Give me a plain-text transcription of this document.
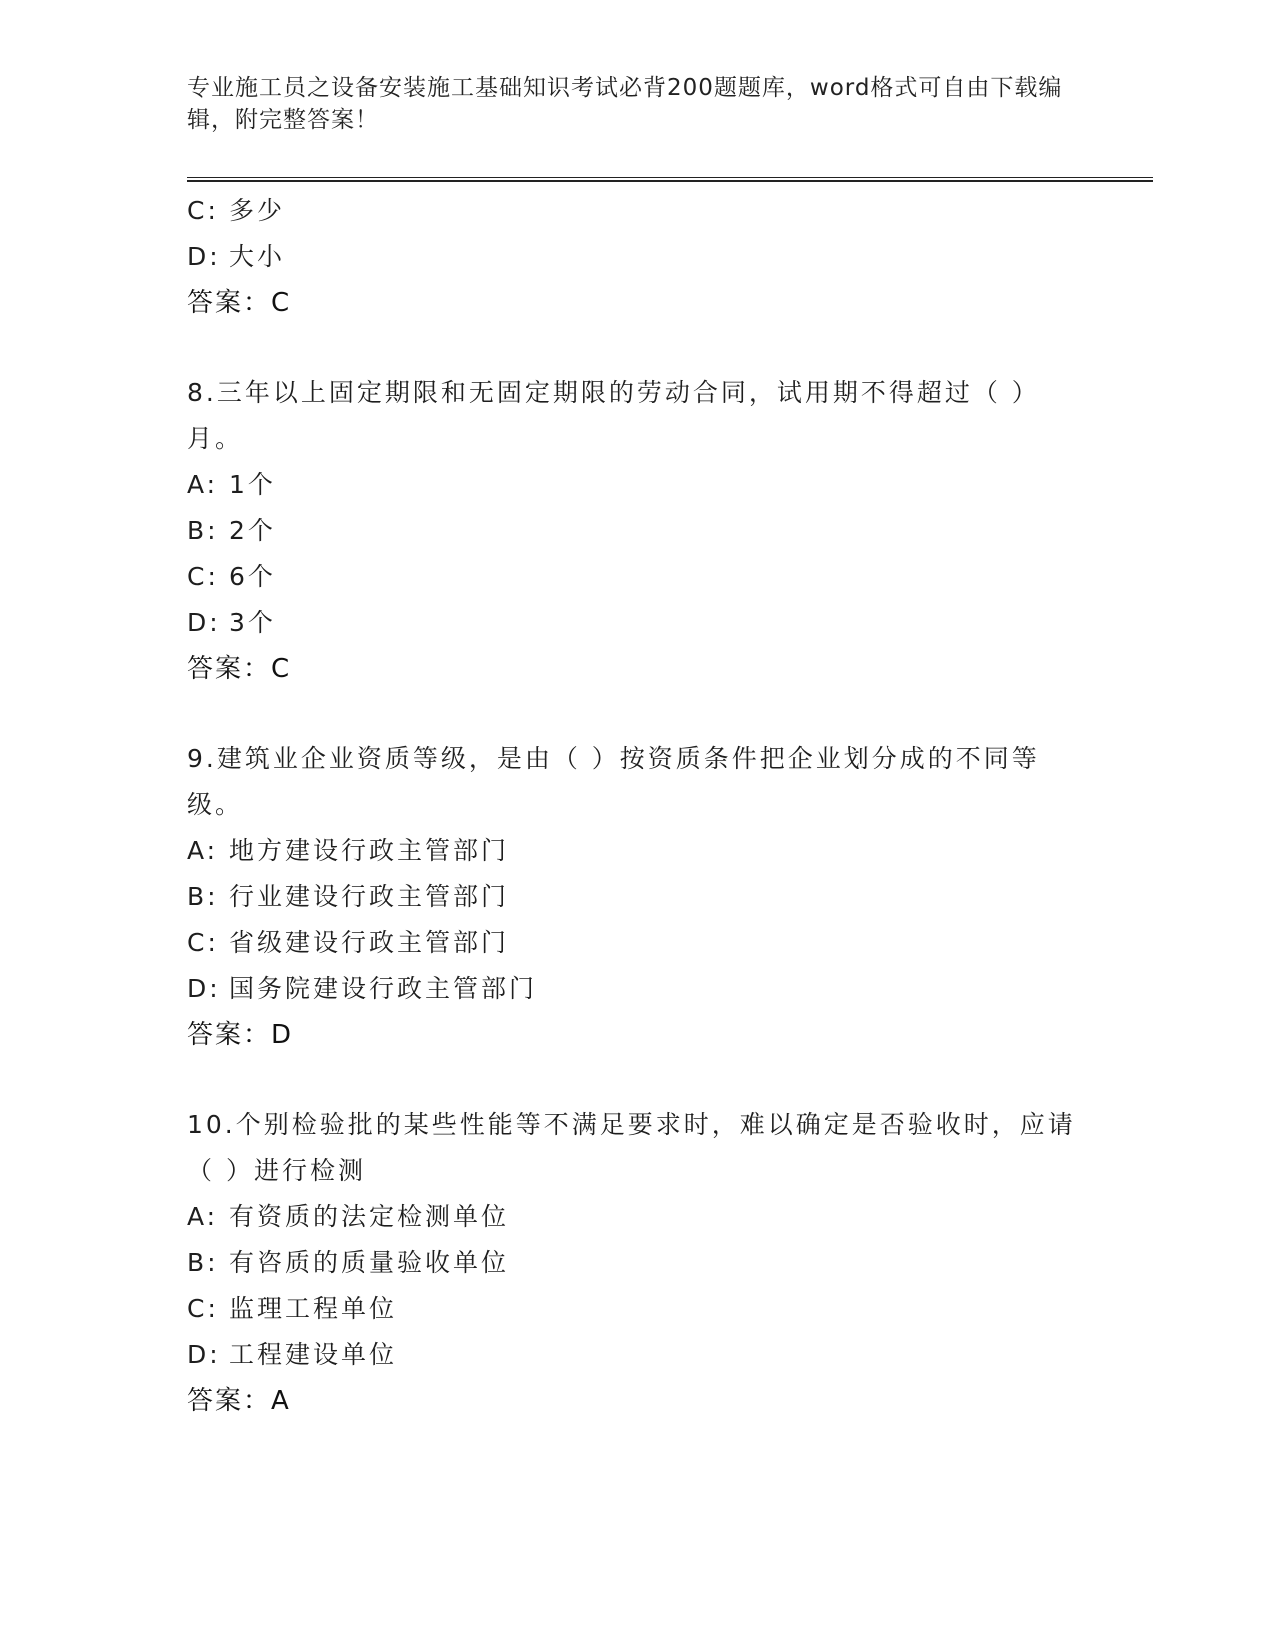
专业施工员之设备安装施工基础知识考试必背200题题库，word格式可自由下载编辑，附完整答案！
C: 多少
D: 大小
答案：C
8.三年以上固定期限和无固定期限的劳动合同，试用期不得超过（ ）月。
A: 1个
B: 2个
C: 6个
D: 3个
答案：C
9.建筑业企业资质等级，是由（ ）按资质条件把企业划分成的不同等级。
A: 地方建设行政主管部门
B: 行业建设行政主管部门
C: 省级建设行政主管部门
D: 国务院建设行政主管部门
答案：D
10.个别检验批的某些性能等不满足要求时，难以确定是否验收时，应请（ ）进行检测
A: 有资质的法定检测单位
B: 有咨质的质量验收单位
C: 监理工程单位
D: 工程建设单位
答案：A
